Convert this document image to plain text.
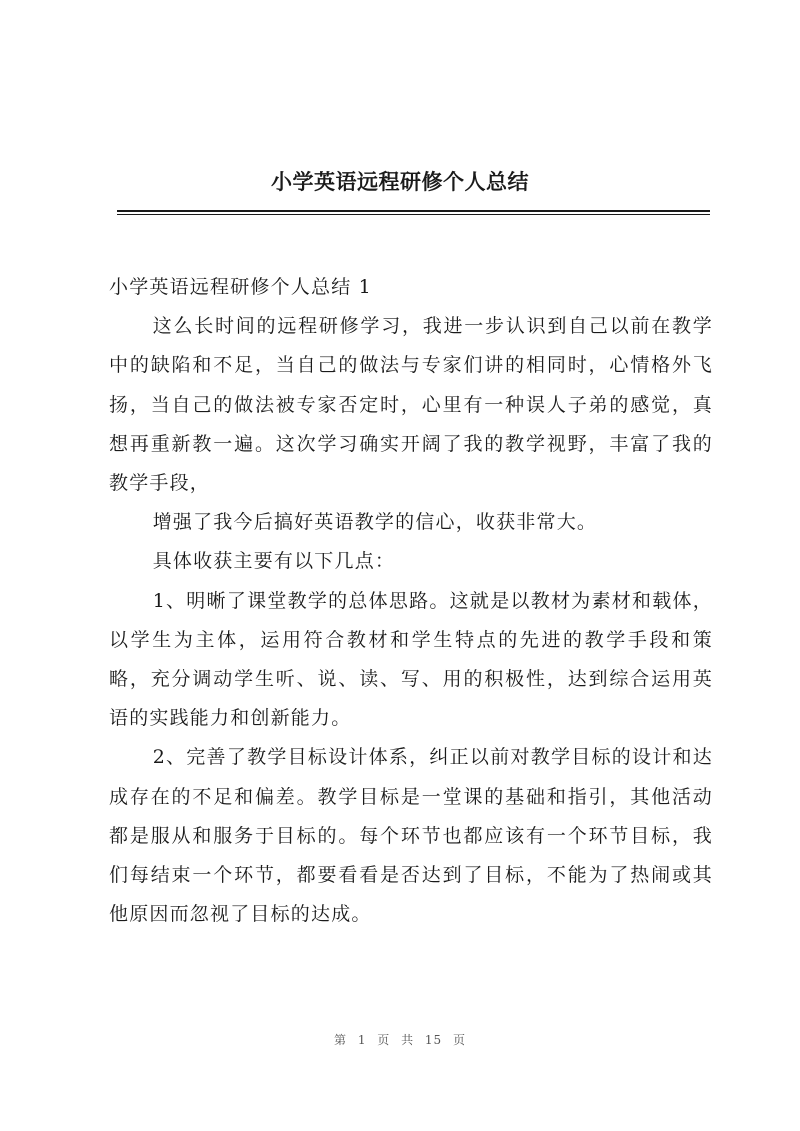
小学英语远程研修个人总结

小学英语远程研修个人总结 1

这么长时间的远程研修学习，我进一步认识到自己以前在教学中的缺陷和不足，当自己的做法与专家们讲的相同时，心情格外飞扬，当自己的做法被专家否定时，心里有一种误人子弟的感觉，真想再重新教一遍。这次学习确实开阔了我的教学视野，丰富了我的教学手段，

增强了我今后搞好英语教学的信心，收获非常大。

具体收获主要有以下几点：

1、明晰了课堂教学的总体思路。这就是以教材为素材和载体，以学生为主体，运用符合教材和学生特点的先进的教学手段和策略，充分调动学生听、说、读、写、用的积极性，达到综合运用英语的实践能力和创新能力。

2、完善了教学目标设计体系，纠正以前对教学目标的设计和达成存在的不足和偏差。教学目标是一堂课的基础和指引，其他活动都是服从和服务于目标的。每个环节也都应该有一个环节目标，我们每结束一个环节，都要看看是否达到了目标，不能为了热闹或其他原因而忽视了目标的达成。

第 1 页 共 15 页
